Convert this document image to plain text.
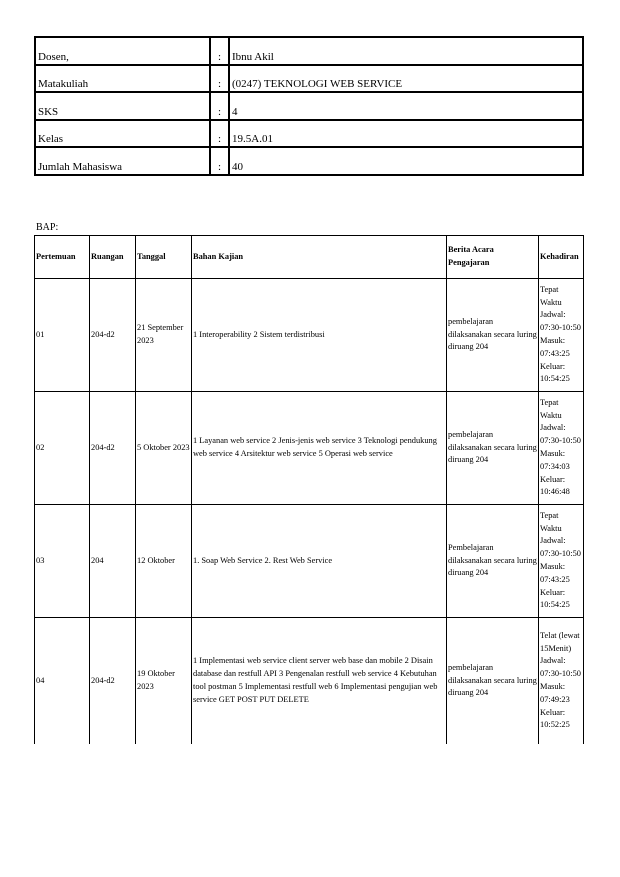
Dosen,	:	Ibnu Akil
Matakuliah	:	(0247) TEKNOLOGI WEB SERVICE
SKS	:	4
Kelas	:	19.5A.01
Jumlah Mahasiswa	:	40
BAP:
Pertemuan	Ruangan	Tanggal	Bahan Kajian	Berita Acara Pengajaran	Kehadiran
01	204-d2	21 September 2023	1 Interoperability 2 Sistem terdistribusi	pembelajaran dilaksanakan secara luring diruang 204	Tepat Waktu Jadwal: 07:30-10:50 Masuk: 07:43:25 Keluar: 10:54:25
02	204-d2	5 Oktober 2023	1 Layanan web service 2 Jenis-jenis web service 3 Teknologi pendukung web service 4 Arsitektur web service 5 Operasi web service	pembelajaran dilaksanakan secara luring diruang 204	Tepat Waktu Jadwal: 07:30-10:50 Masuk: 07:34:03 Keluar: 10:46:48
03	204	12 Oktober	1. Soap Web Service 2. Rest Web Service	Pembelajaran dilaksanakan secara luring diruang 204	Tepat Waktu Jadwal: 07:30-10:50 Masuk: 07:43:25 Keluar: 10:54:25
04	204-d2	19 Oktober 2023	1 Implementasi web service client server web base dan mobile 2 Disain database dan restfull API 3 Pengenalan restfull web service 4 Kebutuhan tool postman 5 Implementasi restfull web 6 Implementasi pengujian web service GET POST PUT DELETE	pembelajaran dilaksanakan secara luring diruang 204	Telat (lewat 15Menit) Jadwal: 07:30-10:50 Masuk: 07:49:23 Keluar: 10:52:25
